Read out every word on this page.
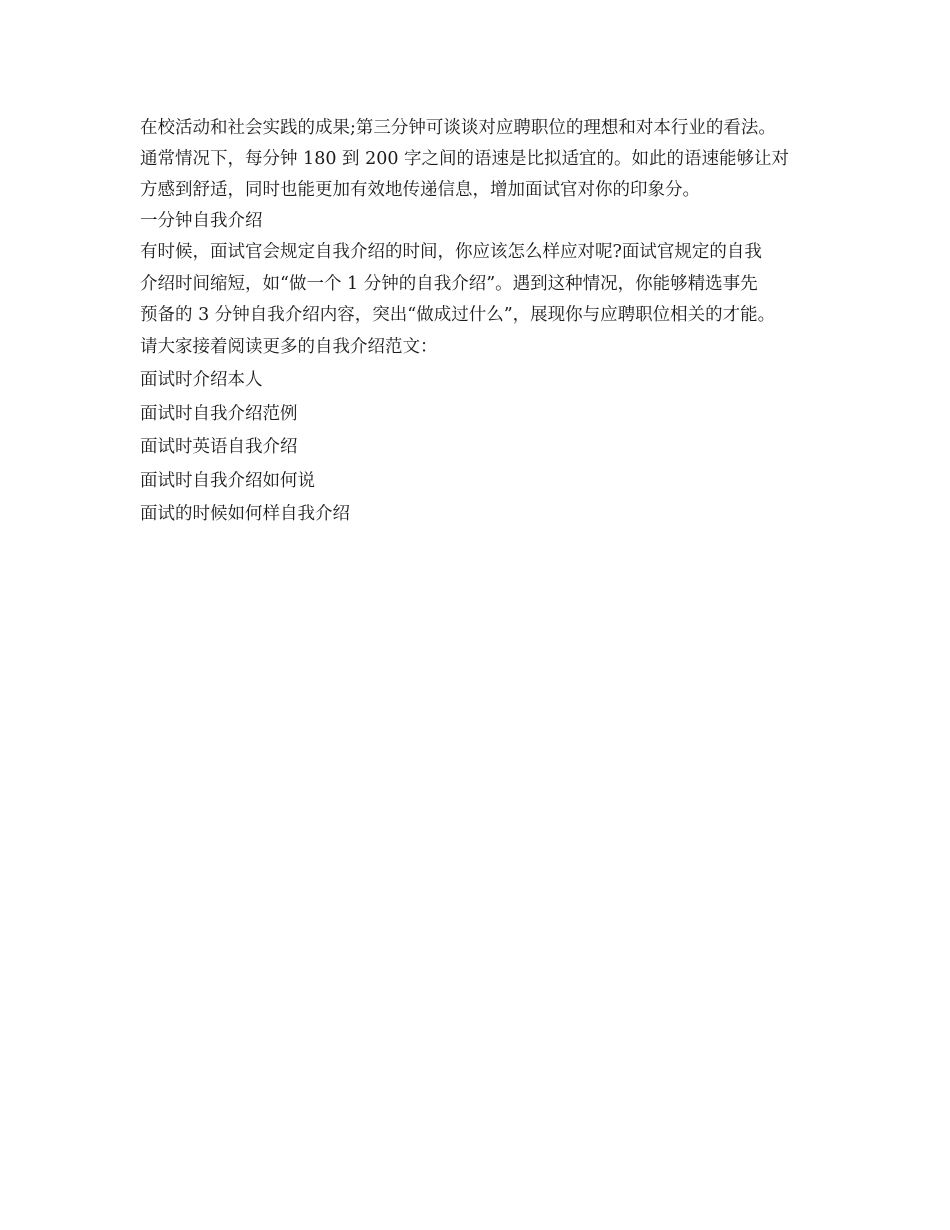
在校活动和社会实践的成果;第三分钟可谈谈对应聘职位的理想和对本行业的看法。

通常情况下，每分钟 180 到 200 字之间的语速是比拟适宜的。如此的语速能够让对

方感到舒适，同时也能更加有效地传递信息，增加面试官对你的印象分。

一分钟自我介绍

有时候，面试官会规定自我介绍的时间，你应该怎么样应对呢?面试官规定的自我

介绍时间缩短，如“做一个 1 分钟的自我介绍”。遇到这种情况，你能够精选事先

预备的 3 分钟自我介绍内容，突出“做成过什么”，展现你与应聘职位相关的才能。

请大家接着阅读更多的自我介绍范文：

面试时介绍本人

面试时自我介绍范例

面试时英语自我介绍

面试时自我介绍如何说

面试的时候如何样自我介绍
